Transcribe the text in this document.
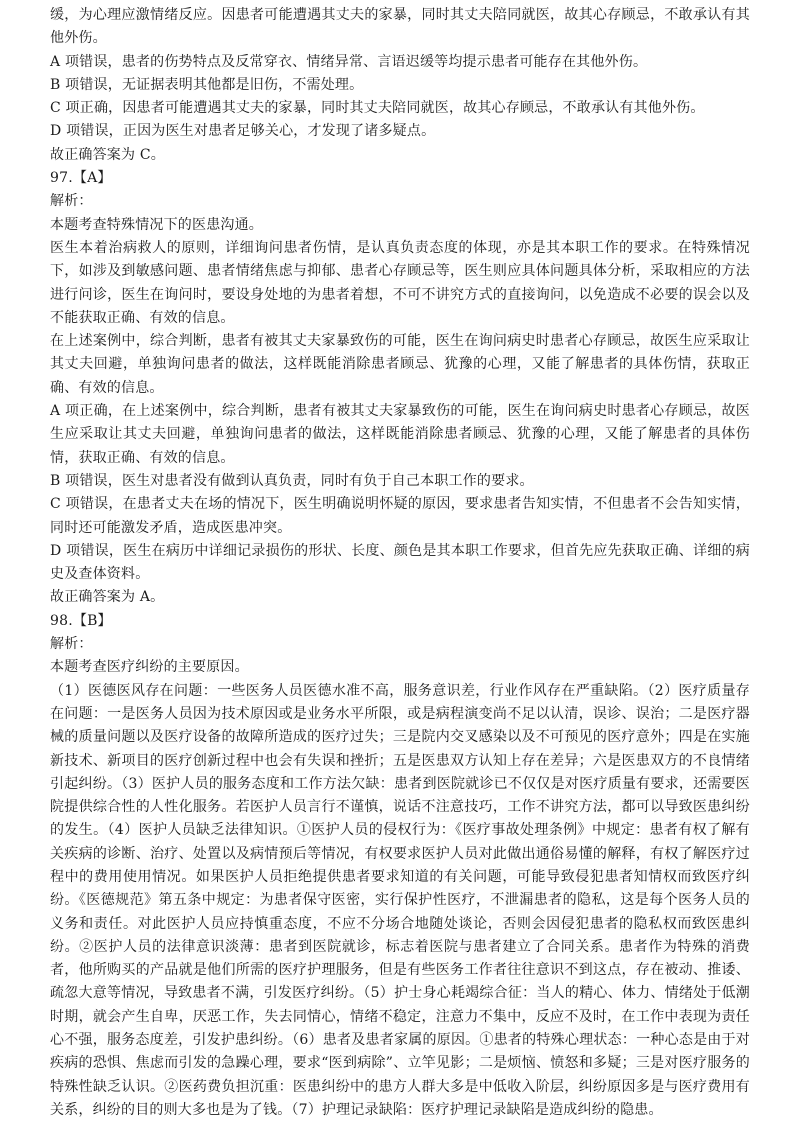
缓，为心理应激情绪反应。因患者可能遭遇其丈夫的家暴，同时其丈夫陪同就医，故其心存顾忌，不敢承认有其他外伤。

A 项错误，患者的伤势特点及反常穿衣、情绪异常、言语迟缓等均提示患者可能存在其他外伤。

B 项错误，无证据表明其他都是旧伤，不需处理。

C 项正确，因患者可能遭遇其丈夫的家暴，同时其丈夫陪同就医，故其心存顾忌，不敢承认有其他外伤。

D 项错误，正因为医生对患者足够关心，才发现了诸多疑点。

故正确答案为 C。

97.【A】

解析：

本题考查特殊情况下的医患沟通。

医生本着治病救人的原则，详细询问患者伤情，是认真负责态度的体现，亦是其本职工作的要求。在特殊情况下，如涉及到敏感问题、患者情绪焦虑与抑郁、患者心存顾忌等，医生则应具体问题具体分析，采取相应的方法进行问诊，医生在询问时，要设身处地的为患者着想，不可不讲究方式的直接询问，以免造成不必要的误会以及不能获取正确、有效的信息。

在上述案例中，综合判断，患者有被其丈夫家暴致伤的可能，医生在询问病史时患者心存顾忌，故医生应采取让其丈夫回避，单独询问患者的做法，这样既能消除患者顾忌、犹豫的心理，又能了解患者的具体伤情，获取正确、有效的信息。

A 项正确，在上述案例中，综合判断，患者有被其丈夫家暴致伤的可能，医生在询问病史时患者心存顾忌，故医生应采取让其丈夫回避，单独询问患者的做法，这样既能消除患者顾忌、犹豫的心理，又能了解患者的具体伤情，获取正确、有效的信息。

B 项错误，医生对患者没有做到认真负责，同时有负于自己本职工作的要求。

C 项错误，在患者丈夫在场的情况下，医生明确说明怀疑的原因，要求患者告知实情，不但患者不会告知实情，同时还可能激发矛盾，造成医患冲突。

D 项错误，医生在病历中详细记录损伤的形状、长度、颜色是其本职工作要求，但首先应先获取正确、详细的病史及查体资料。

故正确答案为 A。

98.【B】

解析：

本题考查医疗纠纷的主要原因。

（1）医德医风存在问题：一些医务人员医德水准不高，服务意识差，行业作风存在严重缺陷。（2）医疗质量存在问题：一是医务人员因为技术原因或是业务水平所限，或是病程演变尚不足以认清，误诊、误治；二是医疗器械的质量问题以及医疗设备的故障所造成的医疗过失；三是院内交叉感染以及不可预见的医疗意外；四是在实施新技术、新项目的医疗创新过程中也会有失误和挫折；五是医患双方认知上存在差异；六是医患双方的不良情绪引起纠纷。（3）医护人员的服务态度和工作方法欠缺：患者到医院就诊已不仅仅是对医疗质量有要求，还需要医院提供综合性的人性化服务。若医护人员言行不谨慎，说话不注意技巧，工作不讲究方法，都可以导致医患纠纷的发生。（4）医护人员缺乏法律知识。①医护人员的侵权行为：《医疗事故处理条例》中规定：患者有权了解有关疾病的诊断、治疗、处置以及病情预后等情况，有权要求医护人员对此做出通俗易懂的解释，有权了解医疗过程中的费用使用情况。如果医护人员拒绝提供患者要求知道的有关问题，可能导致侵犯患者知情权而致医疗纠纷。《医德规范》第五条中规定：为患者保守医密，实行保护性医疗，不泄漏患者的隐私，这是每个医务人员的义务和责任。对此医护人员应持慎重态度，不应不分场合地随处谈论，否则会因侵犯患者的隐私权而致医患纠纷。②医护人员的法律意识淡薄：患者到医院就诊，标志着医院与患者建立了合同关系。患者作为特殊的消费者，他所购买的产品就是他们所需的医疗护理服务，但是有些医务工作者往往意识不到这点，存在被动、推诿、疏忽大意等情况，导致患者不满，引发医疗纠纷。（5）护士身心耗竭综合征：当人的精心、体力、情绪处于低潮时期，就会产生自卑，厌恶工作，失去同情心，情绪不稳定，注意力不集中，反应不及时，在工作中表现为责任心不强，服务态度差，引发护患纠纷。（6）患者及患者家属的原因。①患者的特殊心理状态：一种心态是由于对疾病的恐惧、焦虑而引发的急躁心理，要求“医到病除”、立竿见影；二是烦恼、愤怒和多疑；三是对医疗服务的特殊性缺乏认识。②医药费负担沉重：医患纠纷中的患方人群大多是中低收入阶层，纠纷原因多是与医疗费用有关系，纠纷的目的则大多也是为了钱。（7）护理记录缺陷：医疗护理记录缺陷是造成纠纷的隐患。
